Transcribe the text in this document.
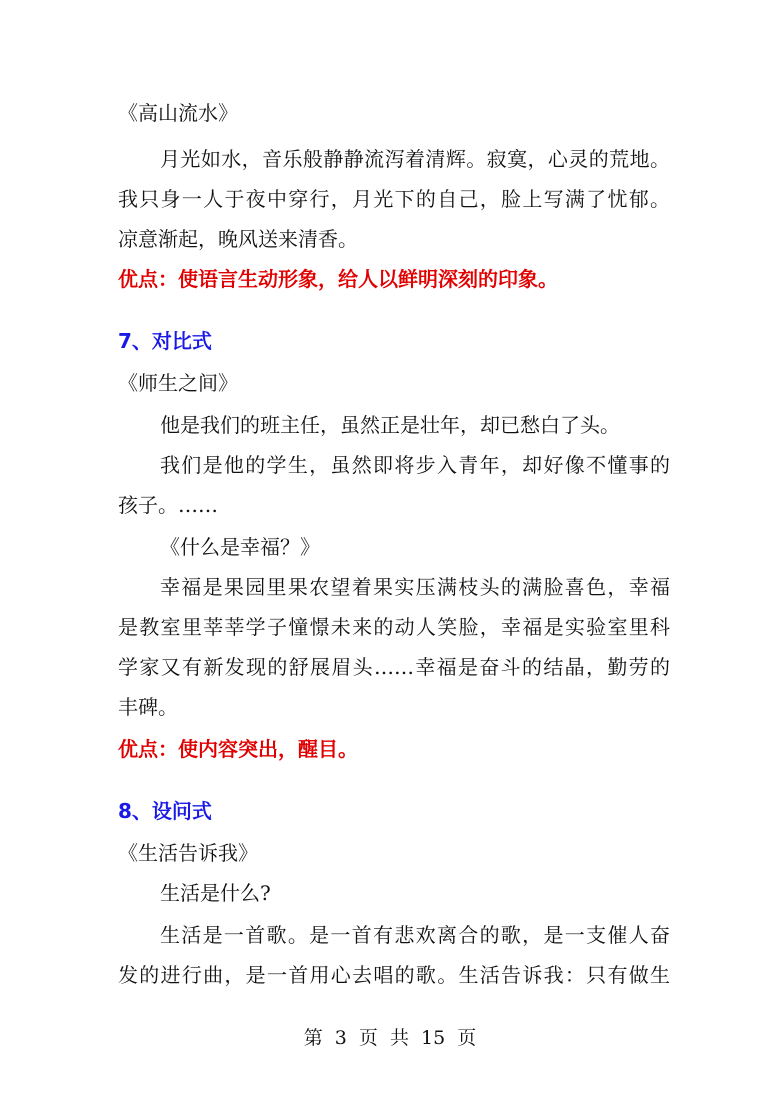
《高山流水》
月光如水，音乐般静静流泻着清辉。寂寞，心灵的荒地。
我只身一人于夜中穿行，月光下的自己，脸上写满了忧郁。
凉意渐起，晚风送来清香。
优点：使语言生动形象，给人以鲜明深刻的印象。
7、对比式
《师生之间》
他是我们的班主任，虽然正是壮年，却已愁白了头。
我们是他的学生，虽然即将步入青年，却好像不懂事的
孩子。……
《什么是幸福？》
幸福是果园里果农望着果实压满枝头的满脸喜色，幸福
是教室里莘莘学子憧憬未来的动人笑脸，幸福是实验室里科
学家又有新发现的舒展眉头……幸福是奋斗的结晶，勤劳的
丰碑。
优点：使内容突出，醒目。
8、设问式
《生活告诉我》
生活是什么?
生活是一首歌。是一首有悲欢离合的歌，是一支催人奋
发的进行曲，是一首用心去唱的歌。生活告诉我：只有做生
第 3 页 共 15 页
